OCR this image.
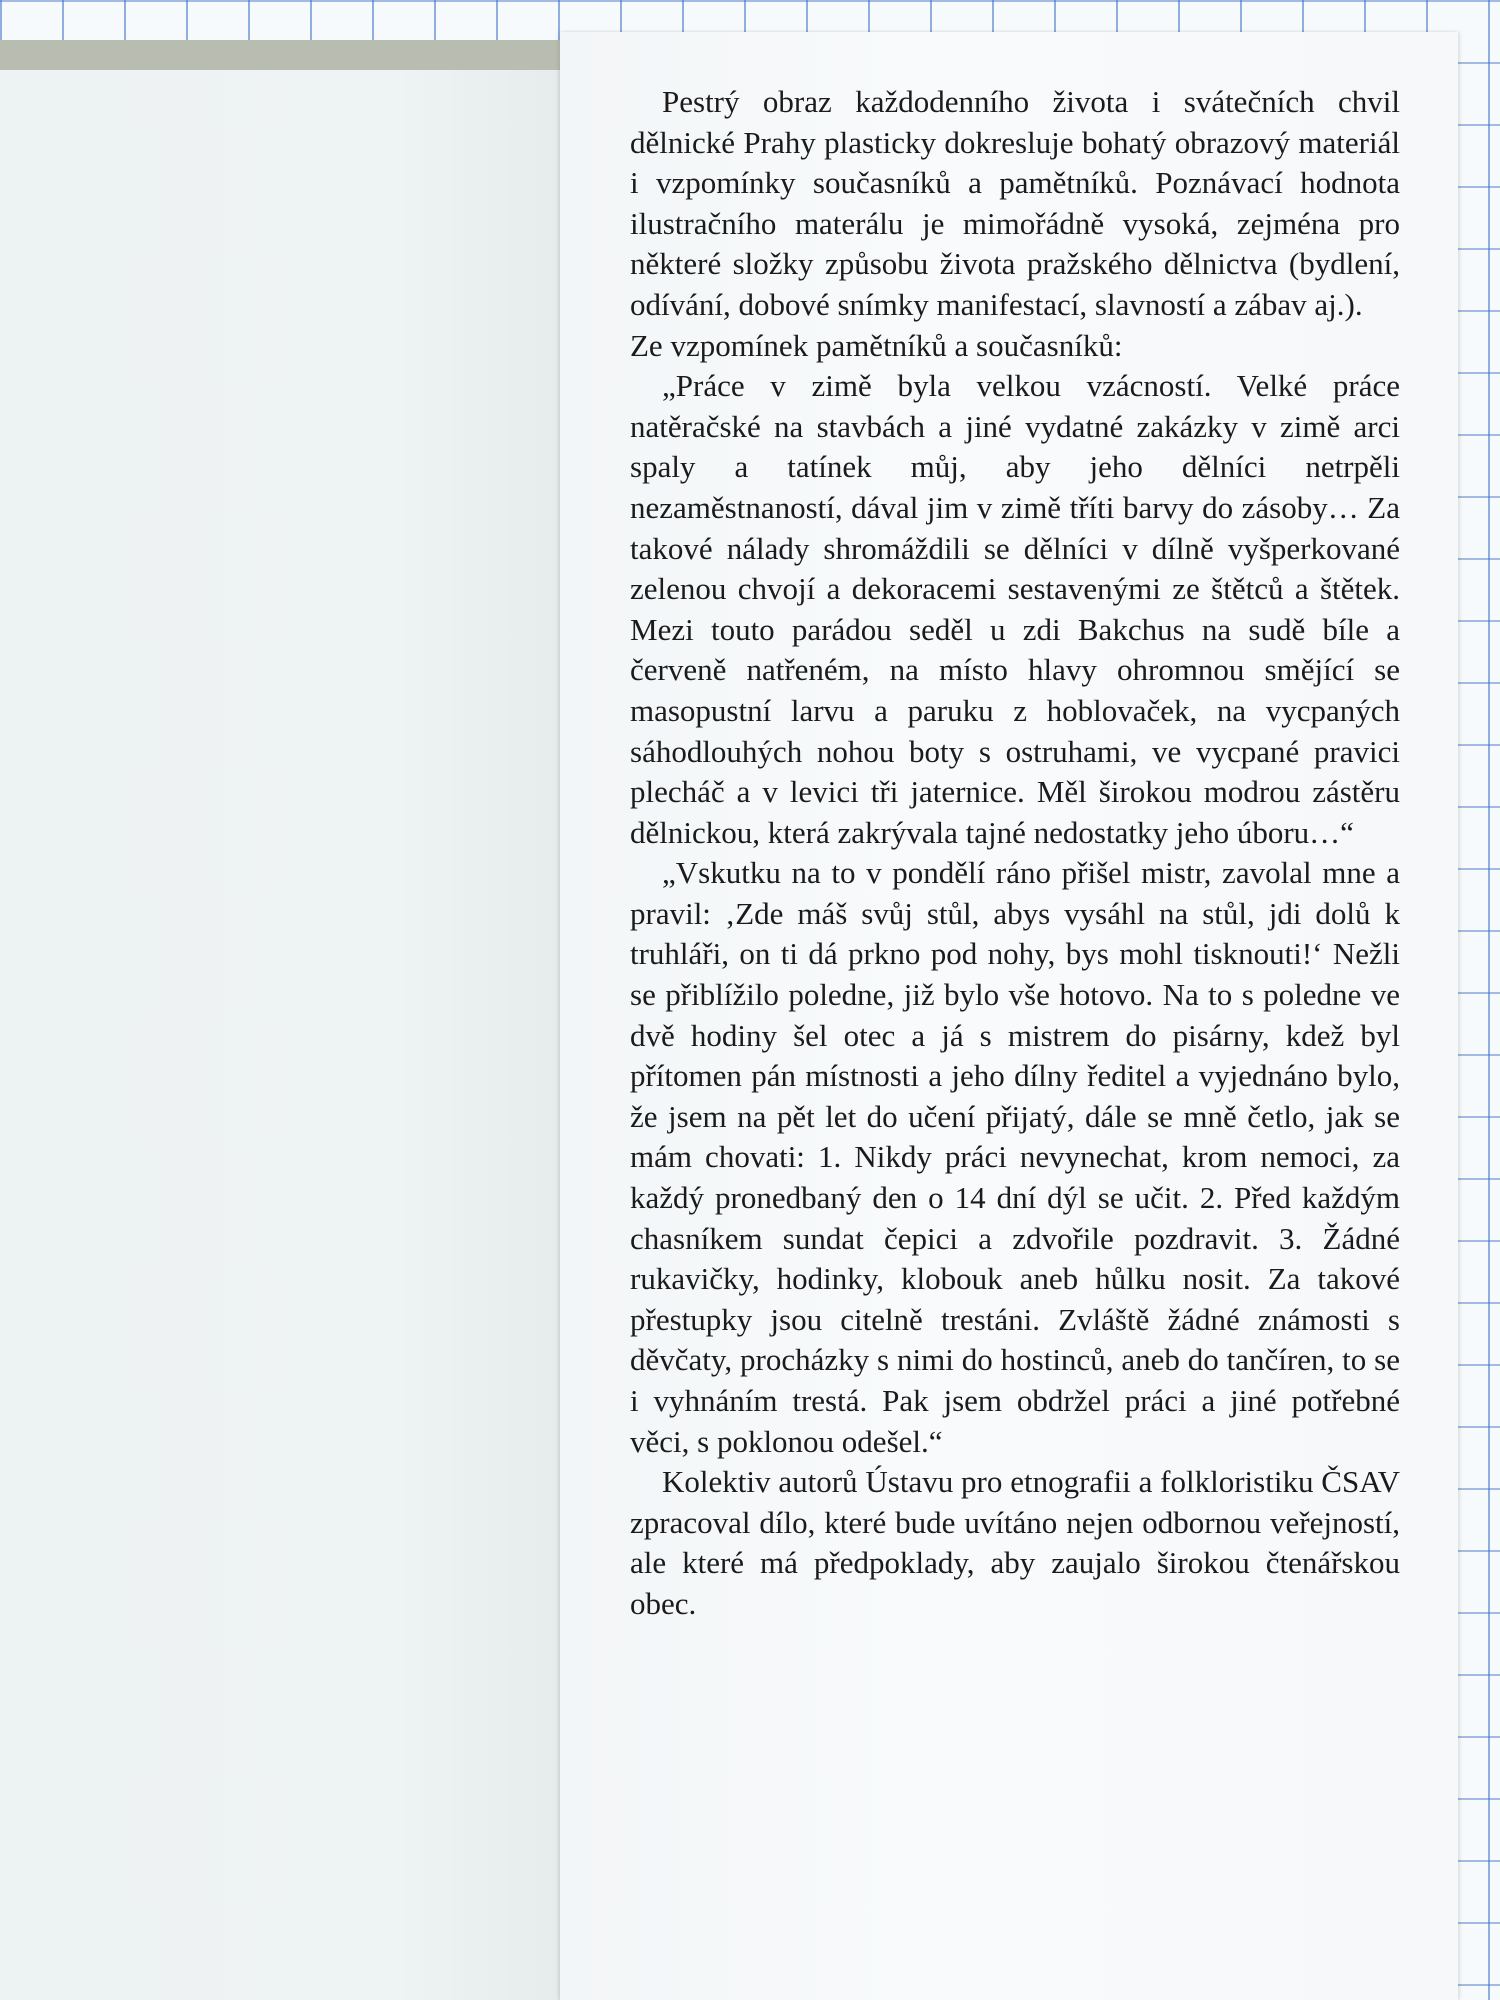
Pestrý obraz každodenního života i svátečních chvil dělnické Prahy plasticky dokresluje bohatý obrazový materiál i vzpomínky současníků a pamětníků. Poznávací hodnota ilustračního materálu je mimořádně vysoká, zejména pro některé složky způsobu života pražského dělnictva (bydlení, odívání, dobové snímky manifestací, slavností a zábav aj.).

Ze vzpomínek pamětníků a současníků:

„Práce v zimě byla velkou vzácností. Velké práce natěračské na stavbách a jiné vydatné zakázky v zimě arci spaly a tatínek můj, aby jeho dělníci netrpěli nezaměstnaností, dával jim v zimě tříti barvy do zásoby… Za takové nálady shromáždili se dělníci v dílně vyšperkované zelenou chvojí a dekoracemi sestavenými ze štětců a štětek. Mezi touto parádou seděl u zdi Bakchus na sudě bíle a červeně natřeném, na místo hlavy ohromnou smějící se masopustní larvu a paruku z hoblovaček, na vycpaných sáhodlouhých nohou boty s ostruhami, ve vycpané pravici plecháč a v levici tři jaternice. Měl širokou modrou zástěru dělnickou, která zakrývala tajné nedostatky jeho úboru…“

„Vskutku na to v pondělí ráno přišel mistr, zavolal mne a pravil: ‚Zde máš svůj stůl, abys vysáhl na stůl, jdi dolů k truhláři, on ti dá prkno pod nohy, bys mohl tisknouti!‘ Nežli se přiblížilo poledne, již bylo vše hotovo. Na to s poledne ve dvě hodiny šel otec a já s mistrem do pisárny, kdež byl přítomen pán místnosti a jeho dílny ředitel a vyjednáno bylo, že jsem na pět let do učení přijatý, dále se mně četlo, jak se mám chovati: 1. Nikdy práci nevynechat, krom nemoci, za každý pronedbaný den o 14 dní dýl se učit. 2. Před každým chasníkem sundat čepici a zdvořile pozdravit. 3. Žádné rukavičky, hodinky, klobouk aneb hůlku nosit. Za takové přestupky jsou citelně trestáni. Zvláště žádné známosti s děvčaty, procházky s nimi do hostinců, aneb do tančíren, to se i vyhnáním trestá. Pak jsem obdržel práci a jiné potřebné věci, s poklonou odešel.“

Kolektiv autorů Ústavu pro etnografii a folkloristiku ČSAV zpracoval dílo, které bude uvítáno nejen odbornou veřejností, ale které má předpoklady, aby zaujalo širokou čtenářskou obec.
